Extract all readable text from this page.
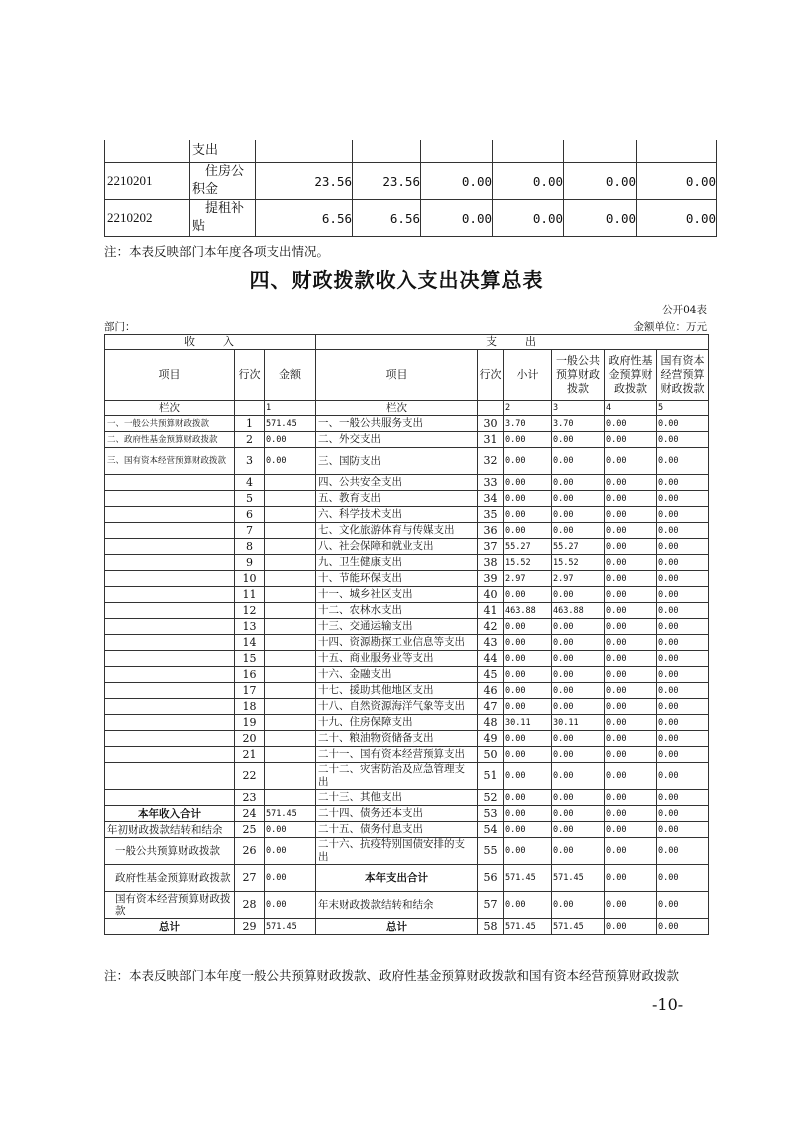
	支出						
2210201	 住房公积金	23.56	23.56	0.00	0.00	0.00	0.00
2210202	 提租补贴	6.56	6.56	0.00	0.00	0.00	0.00
注：本表反映部门本年度各项支出情况。
四、财政拨款收入支出决算总表
公开04表
部门：	金额单位：万元
收　　入			支　　出					
项目	行次	金额	项目	行次	小计	一般公共预算财政拨款	政府性基金预算财政拨款	国有资本经营预算财政拨款
栏次		1	栏次		2	3	4	5
一、一般公共预算财政拨款	1	571.45	一、一般公共服务支出	30	3.70	3.70	0.00	0.00
二、政府性基金预算财政拨款	2	0.00	二、外交支出	31	0.00	0.00	0.00	0.00
三、国有资本经营预算财政拨款	3	0.00	三、国防支出	32	0.00	0.00	0.00	0.00
	4		四、公共安全支出	33	0.00	0.00	0.00	0.00
	5		五、教育支出	34	0.00	0.00	0.00	0.00
	6		六、科学技术支出	35	0.00	0.00	0.00	0.00
	7		七、文化旅游体育与传媒支出	36	0.00	0.00	0.00	0.00
	8		八、社会保障和就业支出	37	55.27	55.27	0.00	0.00
	9		九、卫生健康支出	38	15.52	15.52	0.00	0.00
	10		十、节能环保支出	39	2.97	2.97	0.00	0.00
	11		十一、城乡社区支出	40	0.00	0.00	0.00	0.00
	12		十二、农林水支出	41	463.88	463.88	0.00	0.00
	13		十三、交通运输支出	42	0.00	0.00	0.00	0.00
	14		十四、资源勘探工业信息等支出	43	0.00	0.00	0.00	0.00
	15		十五、商业服务业等支出	44	0.00	0.00	0.00	0.00
	16		十六、金融支出	45	0.00	0.00	0.00	0.00
	17		十七、援助其他地区支出	46	0.00	0.00	0.00	0.00
	18		十八、自然资源海洋气象等支出	47	0.00	0.00	0.00	0.00
	19		十九、住房保障支出	48	30.11	30.11	0.00	0.00
	20		二十、粮油物资储备支出	49	0.00	0.00	0.00	0.00
	21		二十一、国有资本经营预算支出	50	0.00	0.00	0.00	0.00
	22		二十二、灾害防治及应急管理支出	51	0.00	0.00	0.00	0.00
	23		二十三、其他支出	52	0.00	0.00	0.00	0.00
本年收入合计	24	571.45	二十四、债务还本支出	53	0.00	0.00	0.00	0.00
年初财政拨款结转和结余	25	0.00	二十五、债务付息支出	54	0.00	0.00	0.00	0.00
一般公共预算财政拨款	26	0.00	二十六、抗疫特别国债安排的支出	55	0.00	0.00	0.00	0.00
政府性基金预算财政拨款	27	0.00	本年支出合计	56	571.45	571.45	0.00	0.00
国有资本经营预算财政拨款	28	0.00	年末财政拨款结转和结余	57	0.00	0.00	0.00	0.00
总计	29	571.45	总计	58	571.45	571.45	0.00	0.00
注：本表反映部门本年度一般公共预算财政拨款、政府性基金预算财政拨款和国有资本经营预算财政拨款
-10-
